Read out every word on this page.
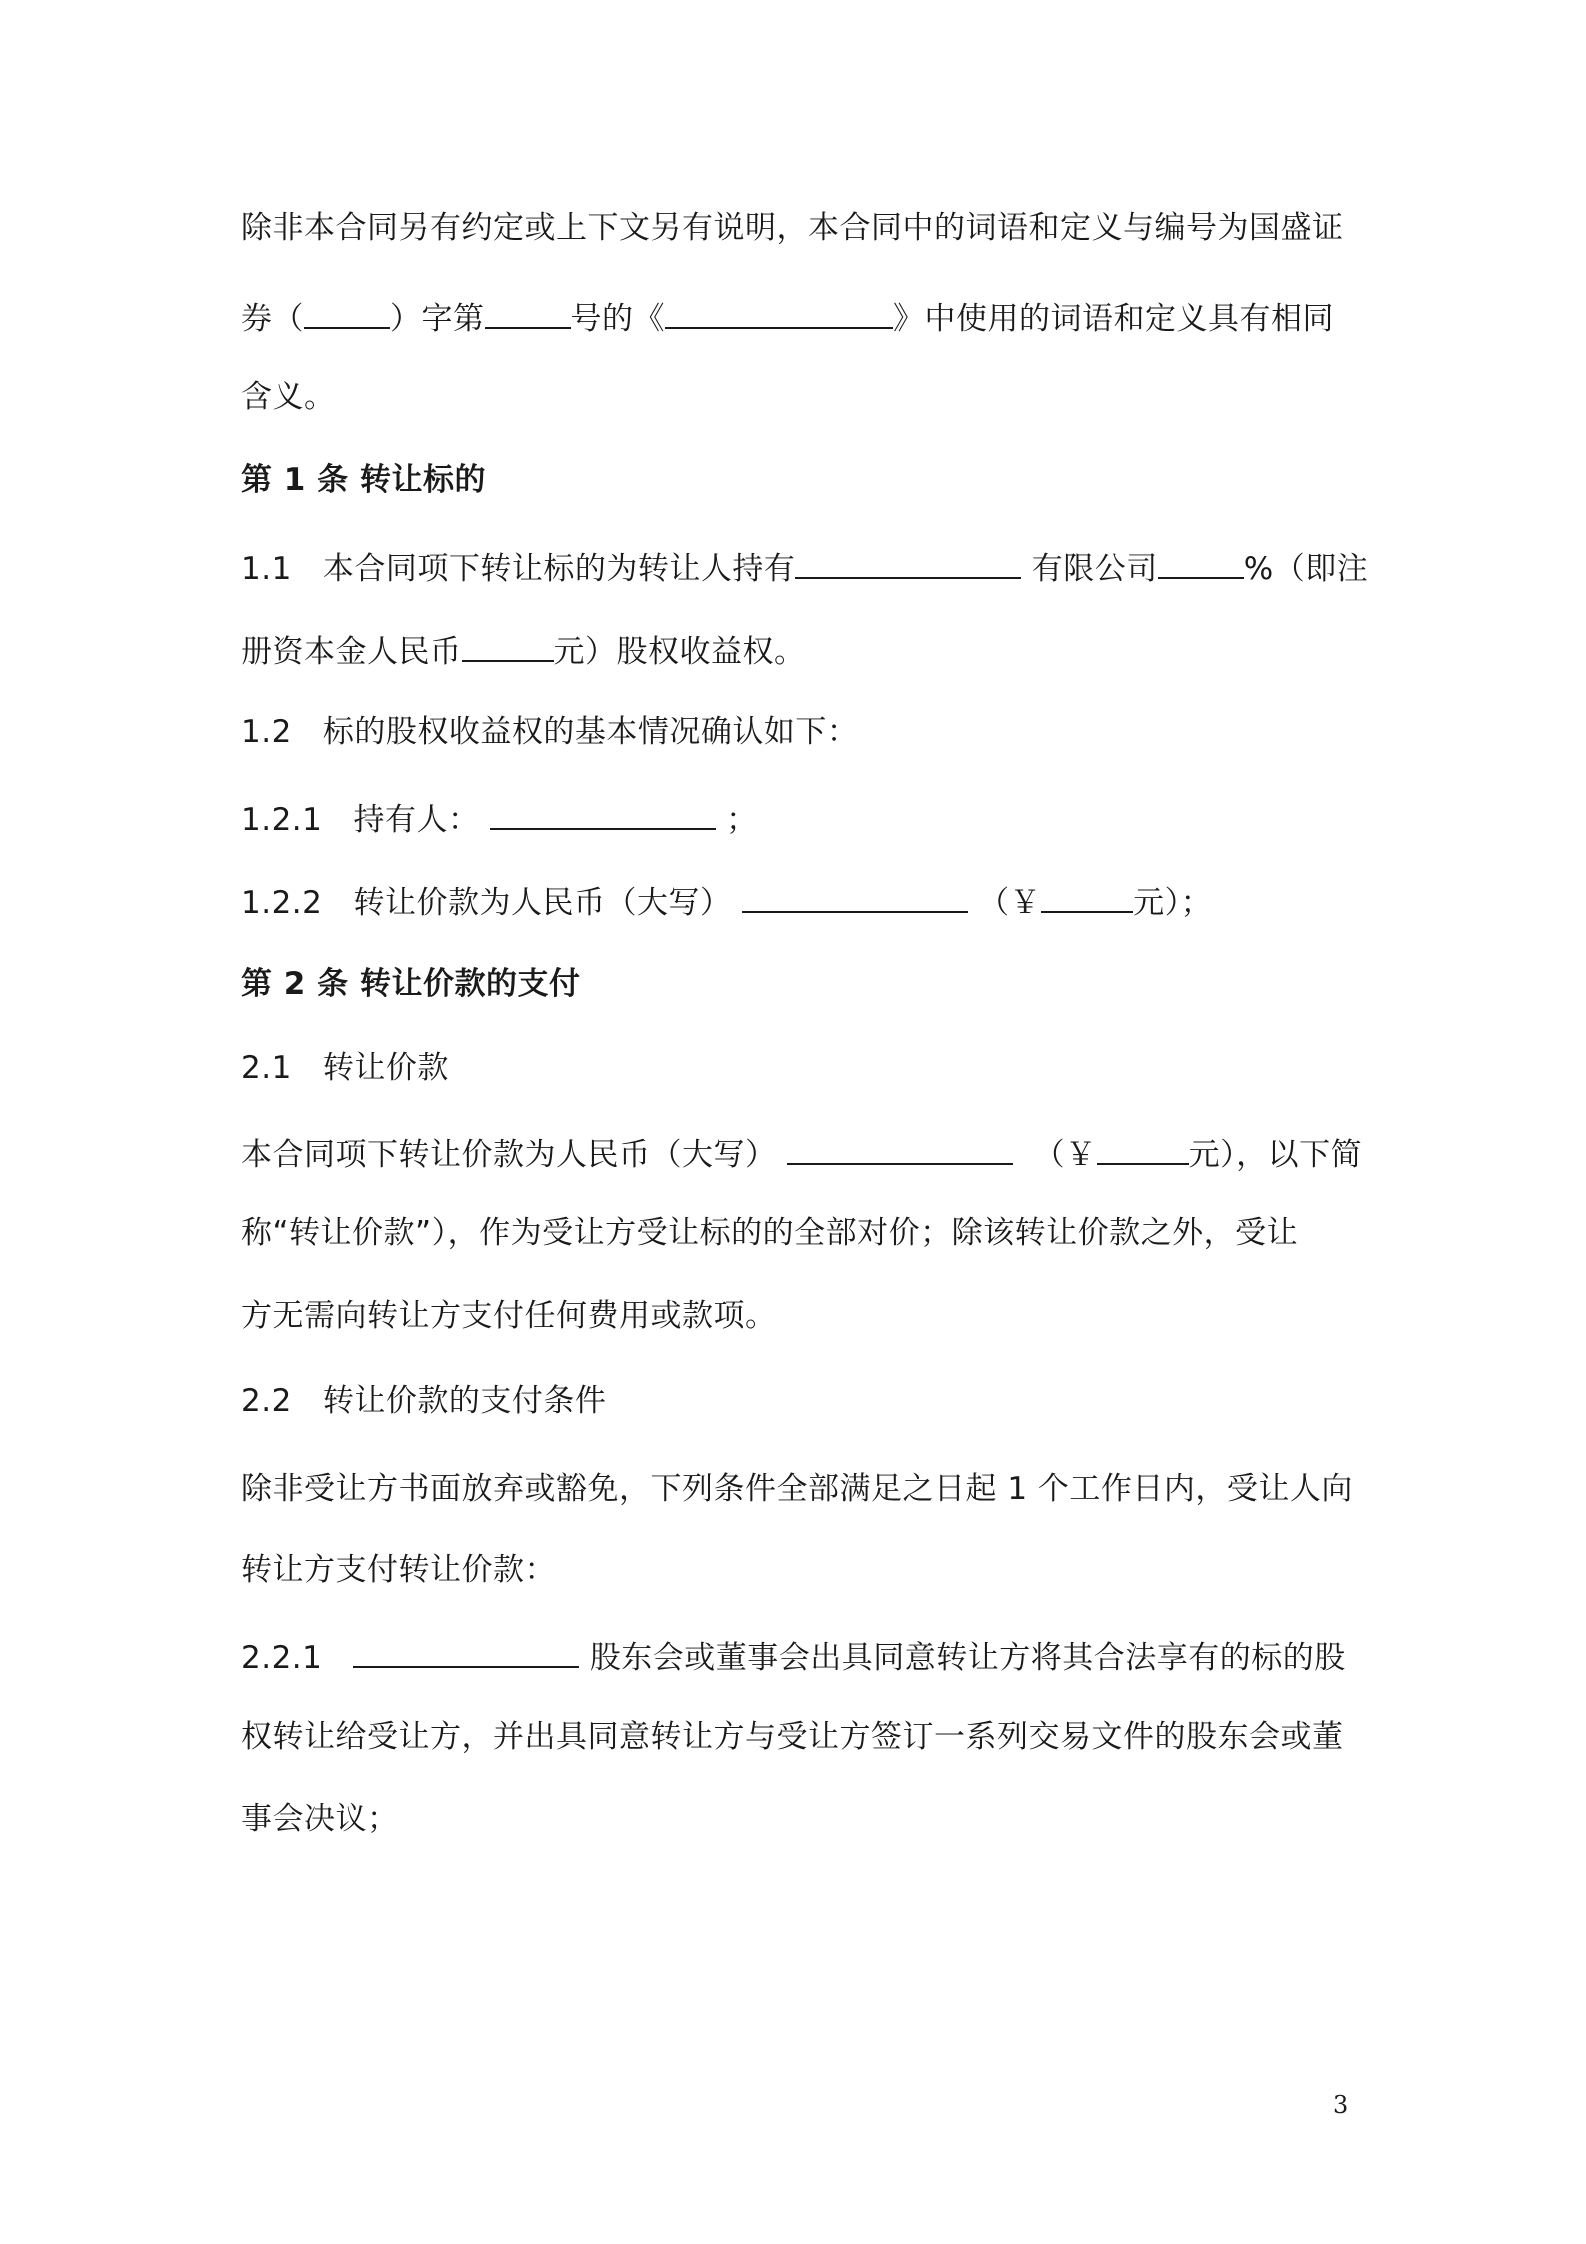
除非本合同另有约定或上下文另有说明，本合同中的词语和定义与编号为国盛证
券（	）字第	号的《	》中使用的词语和定义具有相同
含义。
第 1 条 转让标的
1.1 本合同项下转让标的为转让人持有	有限公司	%（即注
册资本金人民币	元）股权收益权。
1.2 标的股权收益权的基本情况确认如下：
1.2.1 持有人：	；
1.2.2 转让价款为人民币（大写）	（￥	元）；
第 2 条 转让价款的支付
2.1 转让价款
本合同项下转让价款为人民币（大写）	（￥	元），以下简
称“转让价款”），作为受让方受让标的的全部对价；除该转让价款之外，受让
方无需向转让方支付任何费用或款项。
2.2 转让价款的支付条件
除非受让方书面放弃或豁免，下列条件全部满足之日起 1 个工作日内，受让人向
转让方支付转让价款：
2.2.1	股东会或董事会出具同意转让方将其合法享有的标的股
权转让给受让方，并出具同意转让方与受让方签订一系列交易文件的股东会或董
事会决议；
3
